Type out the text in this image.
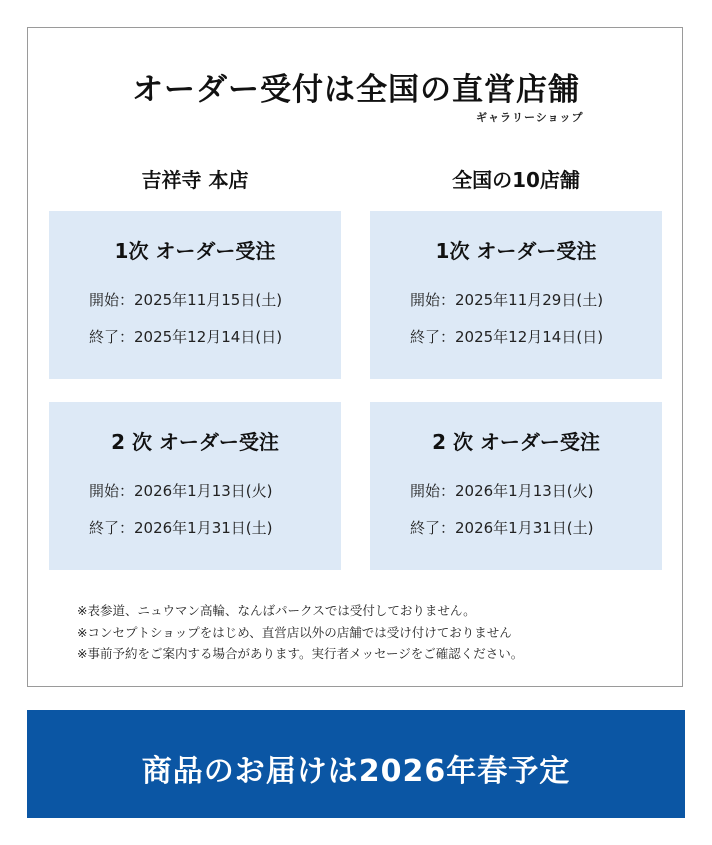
オーダー受付は全国の直営店舗
ギャラリーショップ
吉祥寺 本店	全国の10店舗
1次 オーダー受注
開始：2025年11月15日(土)
終了：2025年12月14日(日)
1次 オーダー受注
開始：2025年11月29日(土)
終了：2025年12月14日(日)
2 次 オーダー受注
開始：2026年1月13日(火)
終了：2026年1月31日(土)
2 次 オーダー受注
開始：2026年1月13日(火)
終了：2026年1月31日(土)
※表参道、ニュウマン高輪、なんばパークスでは受付しておりません。
※コンセプトショップをはじめ、直営店以外の店舗では受け付けておりません
※事前予約をご案内する場合があります。実行者メッセージをご確認ください。
商品のお届けは2026年春予定
